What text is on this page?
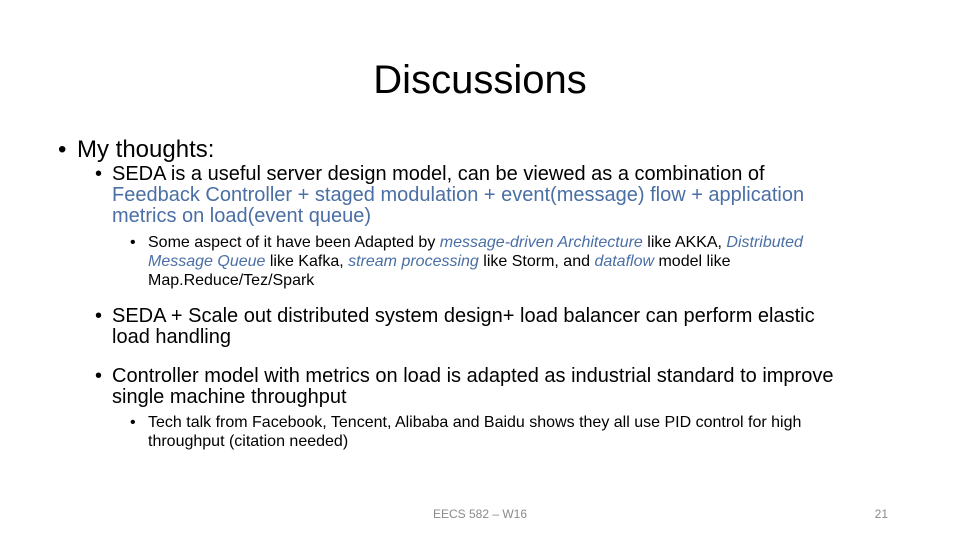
Discussions
• My thoughts:
• SEDA is a useful server design model, can be viewed as a combination of Feedback Controller + staged modulation + event(message) flow + application metrics on load(event queue)
• Some aspect of it have been Adapted by message-driven Architecture like AKKA, Distributed Message Queue like Kafka, stream processing like Storm, and dataflow model like Map.Reduce/Tez/Spark
• SEDA + Scale out distributed system design+ load balancer can perform elastic load handling
• Controller model with metrics on load is adapted as industrial standard to improve single machine throughput
• Tech talk from Facebook, Tencent, Alibaba and Baidu shows they all use PID control for high throughput (citation needed)
EECS 582 – W16	21
